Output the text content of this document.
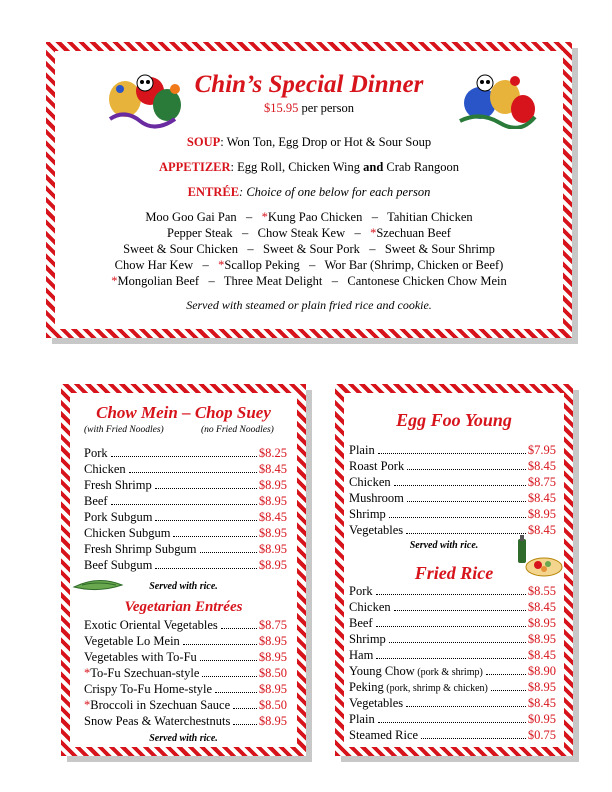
Chin’s Special Dinner
$15.95 per person
SOUP: Won Ton, Egg Drop or Hot & Sour Soup
APPETIZER: Egg Roll, Chicken Wing and Crab Rangoon
ENTRÉE: Choice of one below for each person
Moo Goo Gai Pan   –   *Kung Pao Chicken   –   Tahitian Chicken
Pepper Steak   –   Chow Steak Kew   –   *Szechuan Beef
Sweet & Sour Chicken   –   Sweet & Sour Pork   –   Sweet & Sour Shrimp
Chow Har Kew   –   *Scallop Peking   –   Wor Bar (Shrimp, Chicken or Beef)
*Mongolian Beef   –   Three Meat Delight   –   Cantonese Chicken Chow Mein
Served with steamed or plain fried rice and cookie.
Chow Mein – Chop Suey
(with Fried Noodles)	(no Fried Noodles)
Pork	$8.25
Chicken	$8.45
Fresh Shrimp	$8.95
Beef	$8.95
Pork Subgum	$8.45
Chicken Subgum	$8.95
Fresh Shrimp Subgum	$8.95
Beef Subgum	$8.95
Served with rice.
Vegetarian Entrées
Exotic Oriental Vegetables	$8.75
Vegetable Lo Mein	$8.95
Vegetables with To-Fu	$8.95
*To-Fu Szechuan-style	$8.50
Crispy To-Fu Home-style	$8.95
*Broccoli in Szechuan Sauce $8.50
Snow Peas & Waterchestnuts $8.95
Served with rice.
Egg Foo Young
Plain	$7.95
Roast Pork	$8.45
Chicken	$8.75
Mushroom	$8.45
Shrimp	$8.95
Vegetables	$8.45
Served with rice.
Fried Rice
Pork	$8.55
Chicken	$8.45
Beef	$8.95
Shrimp	$8.95
Ham	$8.45
Young Chow (pork & shrimp)	$8.90
Peking (pork, shrimp & chicken)	$8.95
Vegetables	$8.45
Plain	$0.95
Steamed Rice	$0.75
